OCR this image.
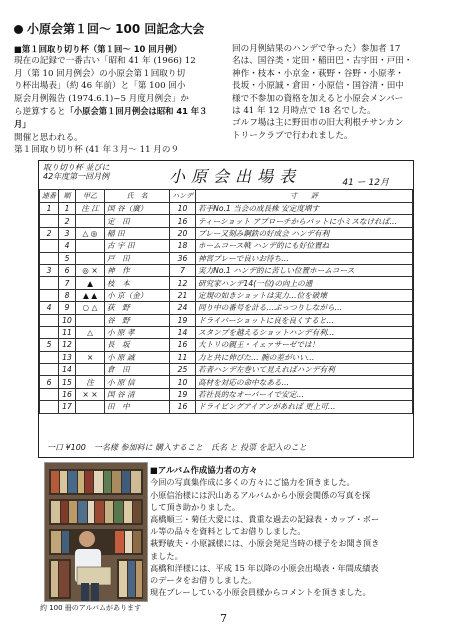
小原会第１回〜 100 回記念大会

■第１回取り切り杯（第１回〜 10 回月例）

現在の記録で一番古い「昭和 41 年 (1966) 12

月（第 10 回月例会）の小原会第１回取り切

り杯出場表」（約 46 年前）と「第 100 回小

原会月例報告 (1974.6.1)~5 月度月例会」か

ら逆算すると「小原会第１回月例会は昭和 41 年３月」

開催と思われる。

第１回取り切り杯 (41 年３月〜 11 月の９

回の月例結果のハンデで争った）参加者 17

名は、国谷类・定田・稲田巴・古宇田・戸田・

神作・枝本・小京金・萩野・谷野・小原孝・

長坂・小原誠・倉田・小原信・国谷清・田中

様で不参加の資格を加えると小原会メンバー

は 41 年 12 月時点で 18 名でした。

ゴルフ場は主に野田市の旧大利根チサンカン

トリークラブで行われました。

取り切り杯 並びに
42年度第一回月例	小原会出場表	41 ー 12月
連番	順	甲乙	氏　名	ハンデ	寸　　評
1	1	注 江	国 谷（廣）	10	若手No.1 当会の成長株 安定度増す
	2		定　田	16	ティーショット アプローチからパットに小ミスなければ…
2	3	△ ◎	稲 田	20	プレー又刻み鋼鉄の好成会 ハンデ有利
	4		古 宇 田	18	ホームコース戦 ハンデ的にも好位置ね
	5		戸　田	36	神宮プレーで良いお待ち…
3	6	◎ ×	神　作	7	実力No.1 ハンデ的に苦しい位置ホームコース
	7	▲	枝　本	12	研究家ハンデ14(一位)の向上の通
	8	▲ ▲	小 京（金）	21	定規の如きショットは実力…位を破壊
4	9	○ △	荻　野	24	同り中の番号を計る…ぷっつりしながら…
	10		谷　野	19	ドライバーショットに良を良くすると…
	11	△	小 原 孝	14	スタンプを越えるショットハンデ有利…
5	12		長　坂	16	大トリの親王・イェァサーゼでは！
	13	×	小 原 誠	11	力と共に伸びた… 腕の差がいい…
	14		倉　田	25	若者ハンデ左巻いて見えればハンデ有利
6	15	注	小 原 信	10	高材を対応の命中なある…
	16	× ×	国 谷 清	19	若社長的なオーバーイで安定…
	17		田　中	16	ドライビングアイアンがあれば 更上可…
一口 ¥100　一名様 参加料に 購入すること　氏名 と 投票 を記入のこと
約 100 冊のアルバムがあります
■アルバム作成協力者の方々

今回の写真集作成に多くの方々にご協力を頂きました。

小原信治様には沢山あるアルバムから小原会関係の写真を探

して頂き助かりました。

高橋順三・菊任大愛には、貴重な過去の記録表・カップ・ボー

ル等の品々を資料としてお借りしました。

萩野敏夫・小原誠様には、小原会発足当時の様子をお聞き頂き

ました。

高橋和洋様には、平成 15 年以降の小原会出場表・年間成績表

のデータをお借りしました。

現在プレーしている小原会員様からコメントを頂きました。

7
